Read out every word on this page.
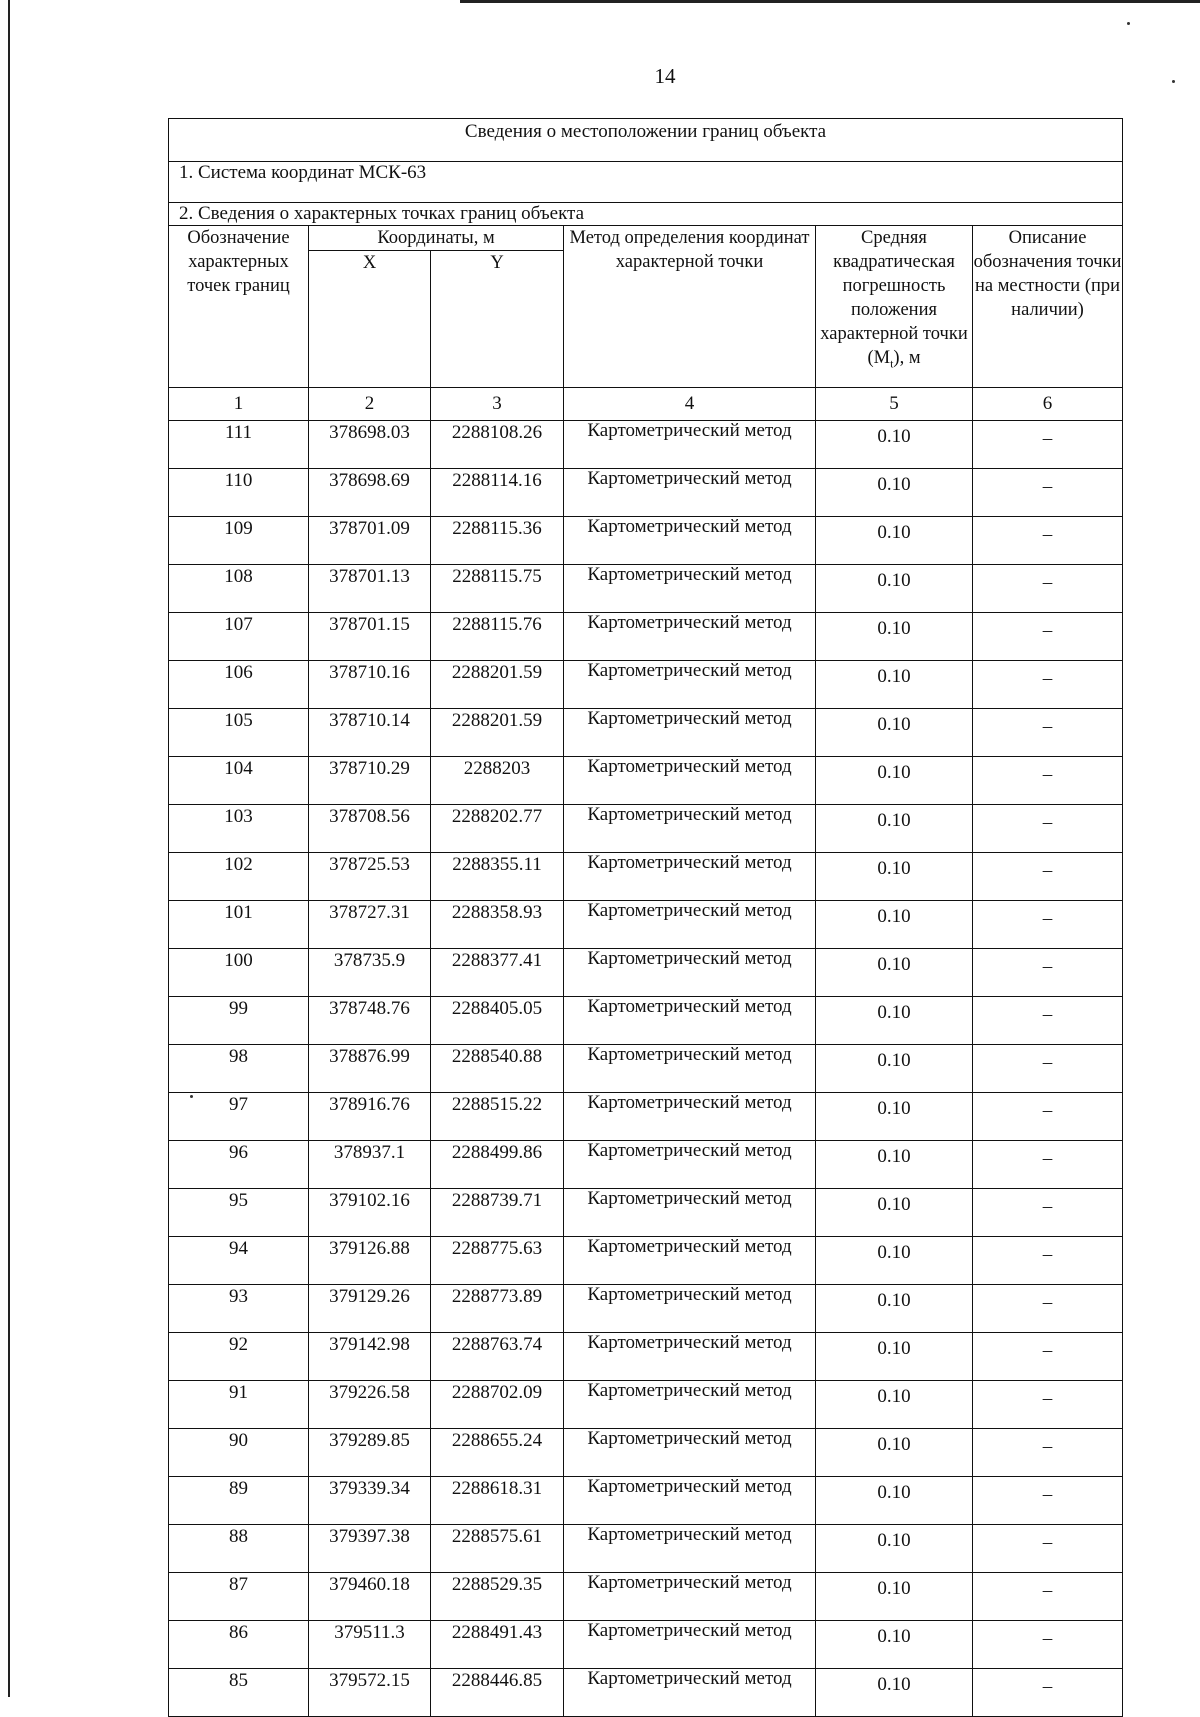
14
Сведения о местоположении границ объекта					
1. Система координат МСК-63					
2. Сведения о характерных точках границ объекта					
Обозначение характерных точек границ	Координаты, м		Метод определения координат характерной точки	Средняя квадратическая погрешность положения характерной точки $(M_t)$, м	Описание обозначения точки на местности (при наличии)
	X	Y			
1	2	3	4	5	6
111	378698.03	2288108.26	Картометрический метод	0.10	–
110	378698.69	2288114.16	Картометрический метод	0.10	–
109	378701.09	2288115.36	Картометрический метод	0.10	–
108	378701.13	2288115.75	Картометрический метод	0.10	–
107	378701.15	2288115.76	Картометрический метод	0.10	–
106	378710.16	2288201.59	Картометрический метод	0.10	–
105	378710.14	2288201.59	Картометрический метод	0.10	–
104	378710.29	2288203	Картометрический метод	0.10	–
103	378708.56	2288202.77	Картометрический метод	0.10	–
102	378725.53	2288355.11	Картометрический метод	0.10	–
101	378727.31	2288358.93	Картометрический метод	0.10	–
100	378735.9	2288377.41	Картометрический метод	0.10	–
99	378748.76	2288405.05	Картометрический метод	0.10	–
98	378876.99	2288540.88	Картометрический метод	0.10	–
97	378916.76	2288515.22	Картометрический метод	0.10	–
96	378937.1	2288499.86	Картометрический метод	0.10	–
95	379102.16	2288739.71	Картометрический метод	0.10	–
94	379126.88	2288775.63	Картометрический метод	0.10	–
93	379129.26	2288773.89	Картометрический метод	0.10	–
92	379142.98	2288763.74	Картометрический метод	0.10	–
91	379226.58	2288702.09	Картометрический метод	0.10	–
90	379289.85	2288655.24	Картометрический метод	0.10	–
89	379339.34	2288618.31	Картометрический метод	0.10	–
88	379397.38	2288575.61	Картометрический метод	0.10	–
87	379460.18	2288529.35	Картометрический метод	0.10	–
86	379511.3	2288491.43	Картометрический метод	0.10	–
85	379572.15	2288446.85	Картометрический метод	0.10	–
